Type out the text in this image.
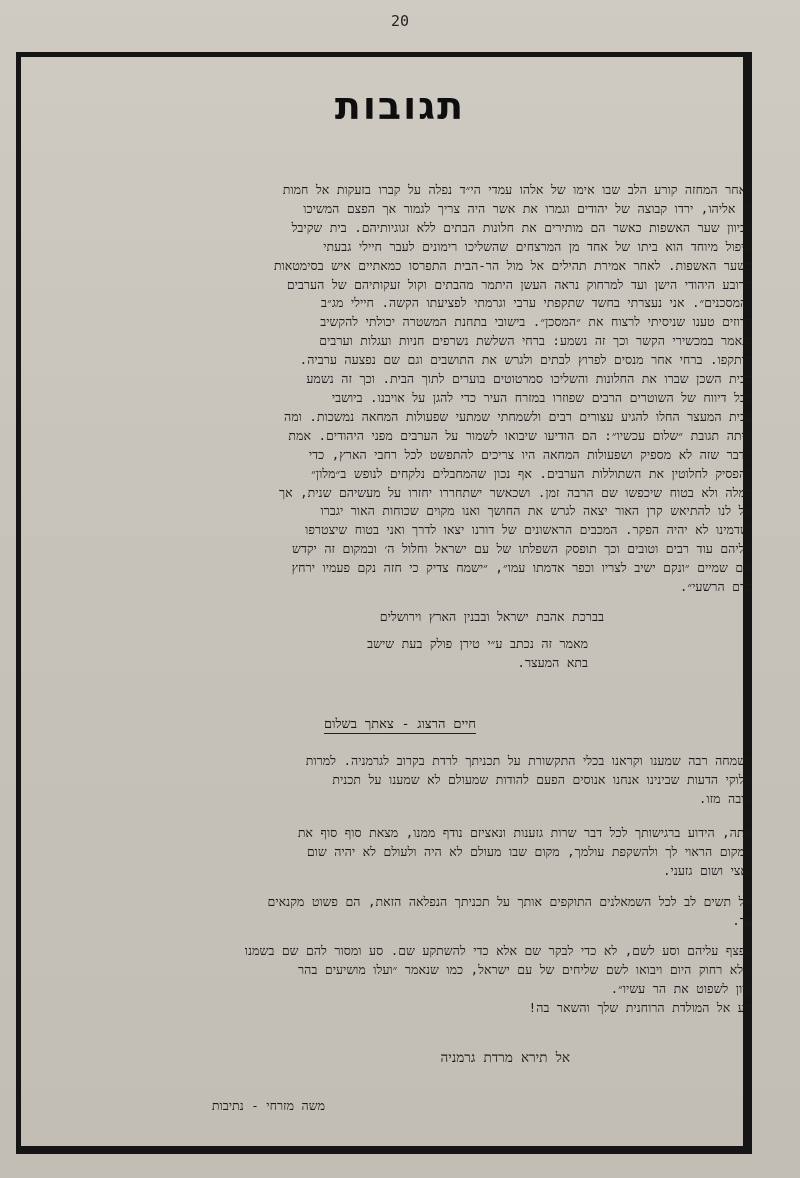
20
תגובות
לאחר המחזה קורע הלב שבו אימו של אלהו עמדי הי״ד נפלה על קברו בזעקות אל חמות
לי אליהו, ירדו קבוצה של יהודים וגמרו את אשר היה צריך לגמור אך הפצם המשיכו
לכיוון שער האשפות כאשר הם מותירים את חלונות הבתים ללא זגוגיותיהם. בית שקיבל
טיפול מיוחד הוא ביתו של אחד מן המרצחים שהשליכו רימונים לעבר חיילי גבעתי
בשער האשפות. לאחר אמירת תהילים אל מול הר-הבית התפרסו כמאתיים איש בסימטאות
הרובע היהודי הישן ועד למרחוק נראה העשן היתמר מהבתים וקול זעקותיהם של הערבים
״המסכנים״. אני נעצרתי בחשד שתקפתי ערבי וגרמתי לפציעתו הקשה. חיילי מג״ב
דרוזים טענו שניסיתי לרצוח את ״המסכן״. בישובי בתחנת המשטרה יכולתי להקשיב
לנאמר במכשירי הקשר וכך זה נשמע: ברחי השלשת נשרפים חניות ועגלות וערבים
הותקפו. ברחי אחר מנסים לפרוץ לבתים ולגרש את התושבים וגם שם נפצעה ערביה.
בבית השכן שברו את החלונות והשליכו סמרטוטים בוערים לתוך הבית. וכך זה נשמע
בכל דיווח של השוטרים הרבים שפוזרו במזרח העיר כדי להגן על אויבנו. ביושבי
בבית המעצר החלו להגיע עצורים רבים ולשמחתי שמתעי שפעולות המחאה נמשכות. ומה
היתה תגובת ״שלום עכשיו״: הם הודיעו שיבואו לשמור על הערבים מפני היהודים. אמת
הדבר שזה לא מספיק ושפעולות המחאה היו צריכים להתפשט לכל רחבי הארץ, כדי
להפסיק לחלוטין את השתוללות הערבים. אף נכון שהמחבלים נלקחים לנופש ב״מלון״
רמלה ולא בטוח שיכפשו שם הרבה זמן. ושכאשר ישתחררו יחזרו על מעשיהם שנית, אך
אל לנו להתיאש קרן האור יצאה לגרש את החושך ואנו מקוים שכוחות האור יגברו
ושדמינו לא יהיה הפקר. המכבים הראשונים של דורנו יצאו לדרך ואני בטוח שיצטרפו
אליהם עוד רבים וטובים וכך תופסק השפלתו של עם ישראל וחלול ה׳ ובמקום זה יקדש
שם שמיים ״ונקם ישיב לצריו וכפר אדמתו עמו״, ״ישמח צדיק כי חזה נקם פעמיו ירחץ
בדם הרשעי״.
בברכת אהבת ישראל ובבנין הארץ וירושלים
מאמר זה נכתב ע״י טירן פולק בעת שישב
בתא המעצר.
חיים הרצוג - צאתך בשלום
בשמחה רבה שמענו וקראנו בכלי התקשורת על תכניתך לרדת בקרוב לגרמניה. למרות
חלוקי הדעות שבינינו אנחנו אנוסים הפעם להודות שמעולם לא שמענו על תכנית
טובה מזו.
אתה, הידוע ברגישותך לכל דבר שרות גזענות ונאציזם נודף ממנו, מצאת סוף סוף את
המקום הראוי לך ולהשקפת עולמך, מקום שבו מעולם לא היה ולעולם לא יהיה שום
נאצי ושום גזעני.
אל תשים לב לכל השמאלנים התוקפים אותך על תכניתך הנפלאה הזאת, הם פשוט מקנאים
בך.
צפצף עליהם וסע לשם, לא כדי לבקר שם אלא כדי להשתקע שם. סע ומסור להם שם בשמנו
שלא רחוק היום ויבואו לשם שליחים של עם ישראל, כמו שנאמר ״ועלו מושיעים בהר
ציון לשפוט את הר עשיו״.
סע אל המולדת הרוחנית שלך והשאר בה!
אל תירא מרדת גרמניה
משה מזרחי - נתיבות
